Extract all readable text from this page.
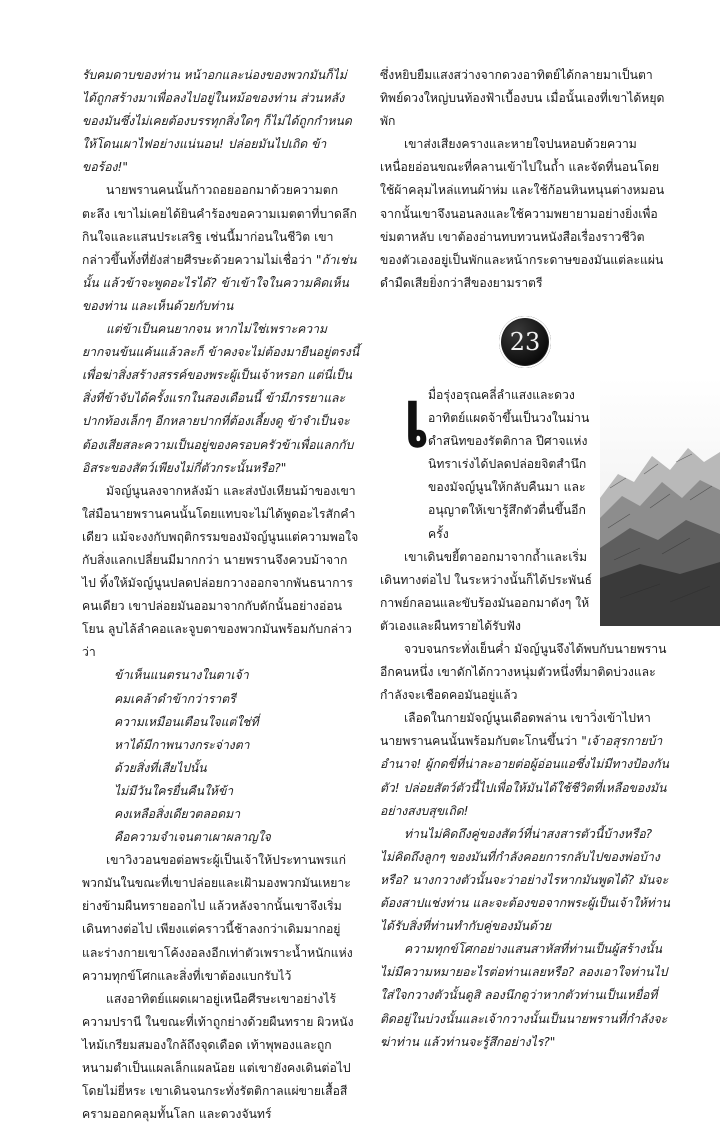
รับคมดาบของท่าน หน้าอกและน่องของพวกมันก็ไม่ได้ถูกสร้างมาเพื่อลงไปอยู่ในหม้อของท่าน ส่วนหลังของมันซึ่งไม่เคยต้องบรรทุกสิ่งใดๆ ก็ไม่ได้ถูกกำหนดให้โดนเผาไฟอย่างแน่นอน! ปล่อยมันไปเถิด ข้าขอร้อง!"

นายพรานคนนั้นก้าวถอยออกมาด้วยความตกตะลึง เขาไม่เคยได้ยินคำร้องขอความเมตตาที่บาดลึกกินใจและแสนประเสริฐ เช่นนี้มาก่อนในชีวิต เขากล่าวขึ้นทั้งที่ยังส่ายศีรษะด้วยความไม่เชื่อว่า "ถ้าเช่นนั้น แล้วข้าจะพูดอะไรได้? ข้าเข้าใจในความคิดเห็นของท่าน และเห็นด้วยกับท่าน

แต่ข้าเป็นคนยากจน หากไม่ใช่เพราะความยากจนข้นแค้นแล้วละก็ ข้าคงจะไม่ต้องมายืนอยู่ตรงนี้เพื่อฆ่าสิ่งสร้างสรรค์ของพระผู้เป็นเจ้าหรอก แต่นี่เป็นสิ่งที่ข้าจับได้ครั้งแรกในสองเดือนนี้ ข้ามีภรรยาและปากท้องเล็กๆ อีกหลายปากที่ต้องเลี้ยงดู ข้าจำเป็นจะต้องเสียสละความเป็นอยู่ของครอบครัวข้าเพื่อแลกกับอิสระของสัตว์เพียงไม่กี่ตัวกระนั้นหรือ?"

มัจญ์นูนลงจากหลังม้า และส่งบังเหียนม้าของเขาใส่มือนายพรานคนนั้นโดยแทบจะไม่ได้พูดอะไรสักคำเดียว แม้จะงงกับพฤติกรรมของมัจญ์นูนแต่ความพอใจกับสิ่งแลกเปลี่ยนมีมากกว่า นายพรานจึงควบม้าจากไป ทิ้งให้มัจญ์นูนปลดปล่อยกวางออกจากพันธนาการคนเดียว เขาปล่อยมันออมาจากกับดักนั้นอย่างอ่อนโยน ลูบไล้ลำคอและจูบตาของพวกมันพร้อมกับกล่าวว่า

ข้าเห็นแนตรนางในตาเจ้า
คมเคล้าดำข้ากว่าราตรี
ความเหมือนเตือนใจแต่ใช่ที่
หาได้มีกาพนางกระจ่างตา
ด้วยสิ่งที่เสียไปนั้น
ไม่มีวันใครยื่นคืนให้ข้า
คงเหลือสิ่งเดียวตลอดมา
คือความจำเจนตาเผาผลาญใจ

เขาวิงวอนขอต่อพระผู้เป็นเจ้าให้ประทานพรแก่พวกมันในขณะที่เขาปล่อยและเฝ้ามองพวกมันเหยาะย่างข้ามผืนทรายออกไป แล้วหลังจากนั้นเขาจึงเริ่มเดินทางต่อไป เพียงแต่คราวนี้ช้าลงกว่าเดิมมากอยู่ และร่างกายเขาโค้งงอลงอีกเท่าตัวเพราะน้ำหนักแห่งความทุกข์โศกและสิ่งที่เขาต้องแบกรับไว้

แสงอาทิตย์แผดเผาอยู่เหนือศีรษะเขาอย่างไร้ความปรานี ในขณะที่เท้าถูกย่างด้วยผืนทราย ผิวหนังไหม้เกรียมสมองใกล้ถึงจุดเดือด เท้าพุพองและถูกหนามตำเป็นแผลเล็กแผลน้อย แต่เขายังคงเดินต่อไปโดยไม่ยี่หระ เขาเดินจนกระทั่งรัตติกาลแผ่ขายเสื้อสีครามออกคลุมทั้นโลก และดวงจันทร์

ซึ่งหยิบยืมแสงสว่างจากดวงอาทิตย์ได้กลายมาเป็นตาทิพย์ดวงใหญ่บนท้องฟ้าเบื้องบน เมื่อนั้นเองที่เขาได้หยุดพัก

เขาส่งเสียงครางและหายใจปนหอบด้วยความเหนื่อยอ่อนขณะที่คลานเข้าไปในถ้ำ และจัดที่นอนโดยใช้ผ้าคลุมไหล่แทนผ้าห่ม และใช้ก้อนหินหนุนต่างหมอน จากนั้นเขาจึงนอนลงและใช้ความพยายามอย่างยิ่งเพื่อข่มตาหลับ เขาต้องอ่านทบทวนหนังสือเรื่องราวชีวิตของตัวเองอยู่เป็นพักและหน้ากระดาษของมันแต่ละแผ่นดำมืดเสียยิ่งกว่าสีของยามราตรี

23
เ

มื่อรุ่งอรุณคลี่ลำแสงและดวงอาทิตย์แผดจ้าขึ้นเป็นวงในม่านดำสนิทของรัตติกาล ปีศาจแห่งนิทราเร่งได้ปลดปล่อยจิตสำนึกของมัจญ์นูนให้กลับคืนมา และอนุญาตให้เขารู้สึกตัวตื่นขึ้นอีกครั้ง

เขาเดินขยี้ตาออกมาจากถ้ำและเริ่มเดินทางต่อไป ในระหว่างนั้นก็ได้ประพันธ์กาพย์กลอนและขับร้องมันออกมาดังๆ ให้ตัวเองและผืนทรายได้รับฟัง

จวบจนกระทั่งเย็นค่ำ มัจญ์นูนจึงได้พบกับนายพรานอีกคนหนึ่ง เขาดักได้กวางหนุ่มตัวหนึ่งที่มาติดบ่วงและกำลังจะเชือดคอมันอยู่แล้ว

เลือดในกายมัจญ์นูนเดือดพล่าน เขาวิ่งเข้าไปหานายพรานคนนั้นพร้อมกับตะโกนขึ้นว่า "เจ้าอสุรกายบ้าอำนาจ! ผู้กดขี่ที่น่าละอายต่อผู้อ่อนแอซึ่งไม่มีทางป้องกันตัว! ปล่อยสัตว์ตัวนี้ไปเพื่อให้มันได้ใช้ชีวิตที่เหลือของมันอย่างสงบสุขเถิด!

ท่านไม่คิดถึงคู่ของสัตว์ที่น่าสงสารตัวนี้บ้างหรือ? ไม่คิดถึงลูกๆ ของมันที่กำลังคอยการกลับไปของพ่อบ้างหรือ? นางกวางตัวนั้นจะว่าอย่างไรหากมันพูดได้? มันจะต้องสาปแช่งท่าน และจะต้องขอจากพระผู้เป็นเจ้าให้ท่านได้รับสิ่งที่ท่านทำกับคู่ของมันด้วย

ความทุกข์โศกอย่างแสนสาหัสที่ท่านเป็นผู้สร้างนั้นไม่มีความหมายอะไรต่อท่านเลยหรือ? ลองเอาใจท่านไปใส่ใจกวางตัวนั้นดูสิ ลองนึกดูว่าหากตัวท่านเป็นเหยื่อที่ติดอยู่ในบ่วงนั้นและเจ้ากวางนั้นเป็นนายพรานที่กำลังจะฆ่าท่าน แล้วท่านจะรู้สึกอย่างไร?"
